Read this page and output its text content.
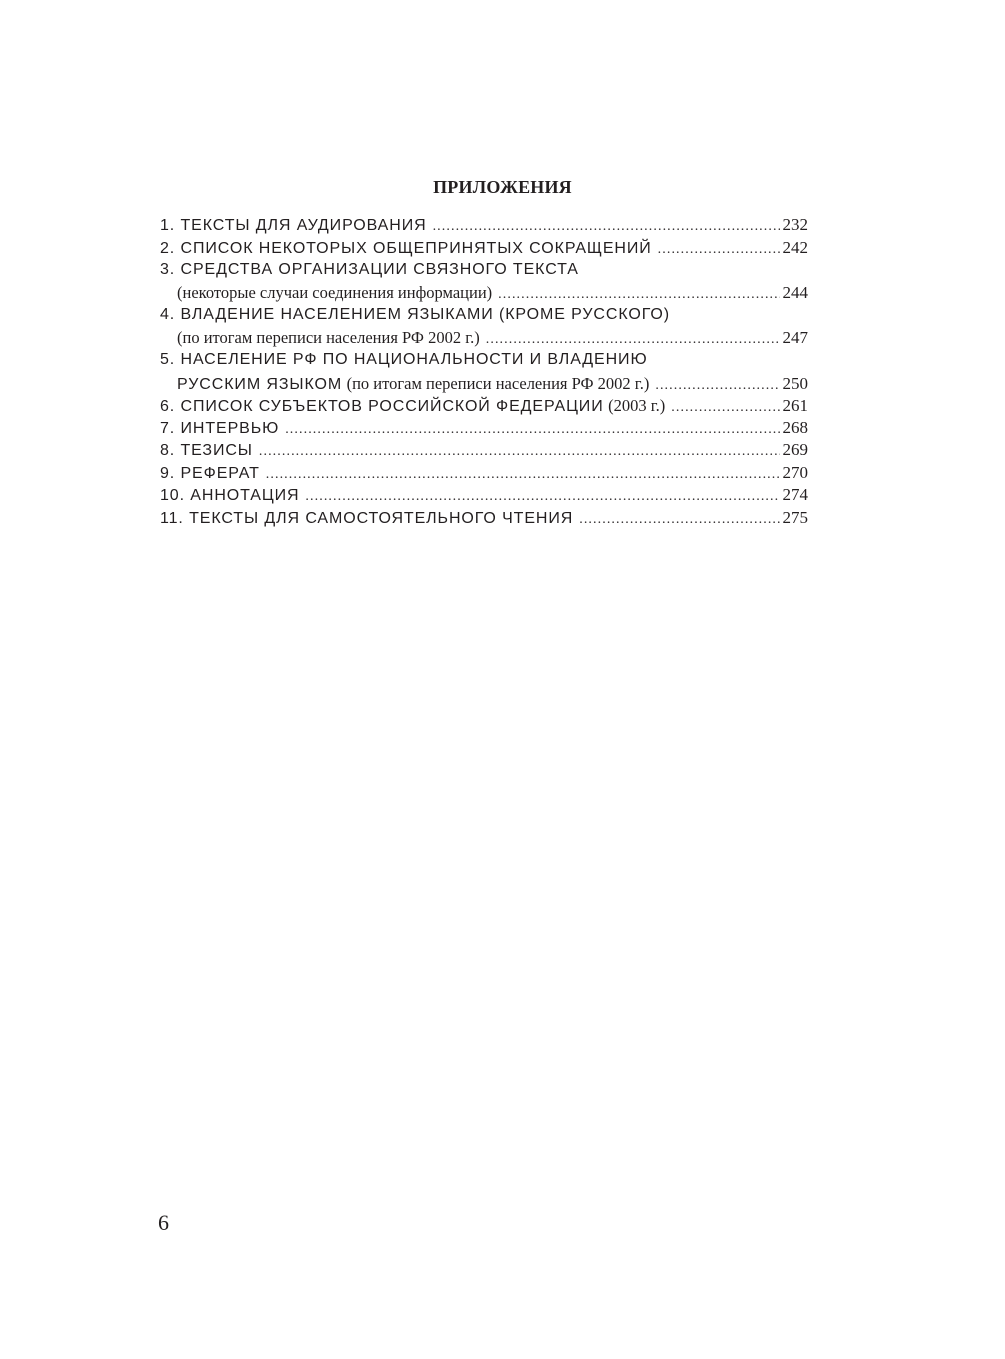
ПРИЛОЖЕНИЯ
1. ТЕКСТЫ ДЛЯ АУДИРОВАНИЯ . . .	232
2. СПИСОК НЕКОТОРЫХ ОБЩЕПРИНЯТЫХ СОКРАЩЕНИЙ . . .	242
3. СРЕДСТВА ОРГАНИЗАЦИИ СВЯЗНОГО ТЕКСТА
(некоторые случаи соединения информации) . . .	244
4. ВЛАДЕНИЕ НАСЕЛЕНИЕМ ЯЗЫКАМИ (КРОМЕ РУССКОГО)
(по итогам переписи населения РФ 2002 г.) . . .	247
5. НАСЕЛЕНИЕ РФ ПО НАЦИОНАЛЬНОСТИ И ВЛАДЕНИЮ
РУССКИМ ЯЗЫКОМ
(по итогам переписи населения РФ 2002 г.) . . .	250
6. СПИСОК СУБЪЕКТОВ РОССИЙСКОЙ ФЕДЕРАЦИИ
(2003 г.) . . .	261
7. ИНТЕРВЬЮ . . .	268
8. ТЕЗИСЫ . . .	269
9. РЕФЕРАТ . . .	270
10. АННОТАЦИЯ . . .	274
11. ТЕКСТЫ ДЛЯ САМОСТОЯТЕЛЬНОГО ЧТЕНИЯ . . .	275
6
